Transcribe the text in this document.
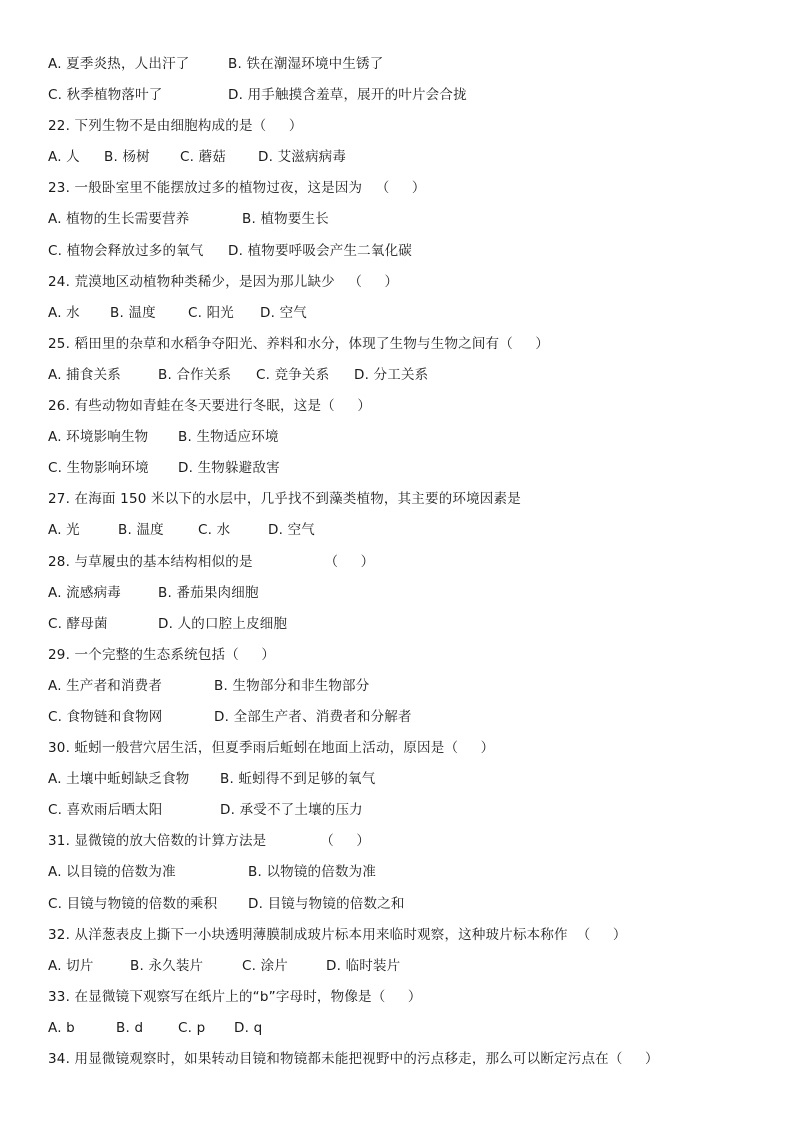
A. 夏季炎热，人出汗了	B. 铁在潮湿环境中生锈了
C. 秋季植物落叶了	D. 用手触摸含羞草，展开的叶片会合拢
22. 下列生物不是由细胞构成的是（     ）
A. 人 B. 杨树 C. 蘑菇 D. 艾滋病病毒
23. 一般卧室里不能摆放过多的植物过夜，这是因为   （     ）
A. 植物的生长需要营养	B. 植物要生长
C. 植物会释放过多的氧气 D. 植物要呼吸会产生二氧化碳
24. 荒漠地区动植物种类稀少，是因为那儿缺少   （     ）
A. 水 B. 温度 C. 阳光 D. 空气
25. 稻田里的杂草和水稻争夺阳光、养料和水分，体现了生物与生物之间有（     ）
A. 捕食关系	B. 合作关系 C. 竞争关系 D. 分工关系
26. 有些动物如青蛙在冬天要进行冬眠，这是（     ）
A. 环境影响生物 B. 生物适应环境
C. 生物影响环境 D. 生物躲避敌害
27. 在海面 150 米以下的水层中，几乎找不到藻类植物，其主要的环境因素是
A. 光	B. 温度	C. 水	D. 空气
28. 与草履虫的基本结构相似的是                （     ）
A. 流感病毒	B. 番茄果肉细胞
C. 酵母菌	D. 人的口腔上皮细胞
29. 一个完整的生态系统包括（     ）
A. 生产者和消费者	B. 生物部分和非生物部分
C. 食物链和食物网	D. 全部生产者、消费者和分解者
30. 蚯蚓一般营穴居生活，但夏季雨后蚯蚓在地面上活动，原因是（     ）
A. 土壤中蚯蚓缺乏食物 B. 蚯蚓得不到足够的氧气
C. 喜欢雨后晒太阳	D. 承受不了土壤的压力
31. 显微镜的放大倍数的计算方法是            （     ）
A. 以目镜的倍数为准	B. 以物镜的倍数为准
C. 目镜与物镜的倍数的乘积 D. 目镜与物镜的倍数之和
32. 从洋葱表皮上撕下一小块透明薄膜制成玻片标本用来临时观察，这种玻片标本称作  （     ）
A. 切片	B. 永久装片	C. 涂片	D. 临时装片
33. 在显微镜下观察写在纸片上的“b”字母时，物像是（     ）
A. b	B. d	C. p D. q
34. 用显微镜观察时，如果转动目镜和物镜都未能把视野中的污点移走，那么可以断定污点在（     ）
